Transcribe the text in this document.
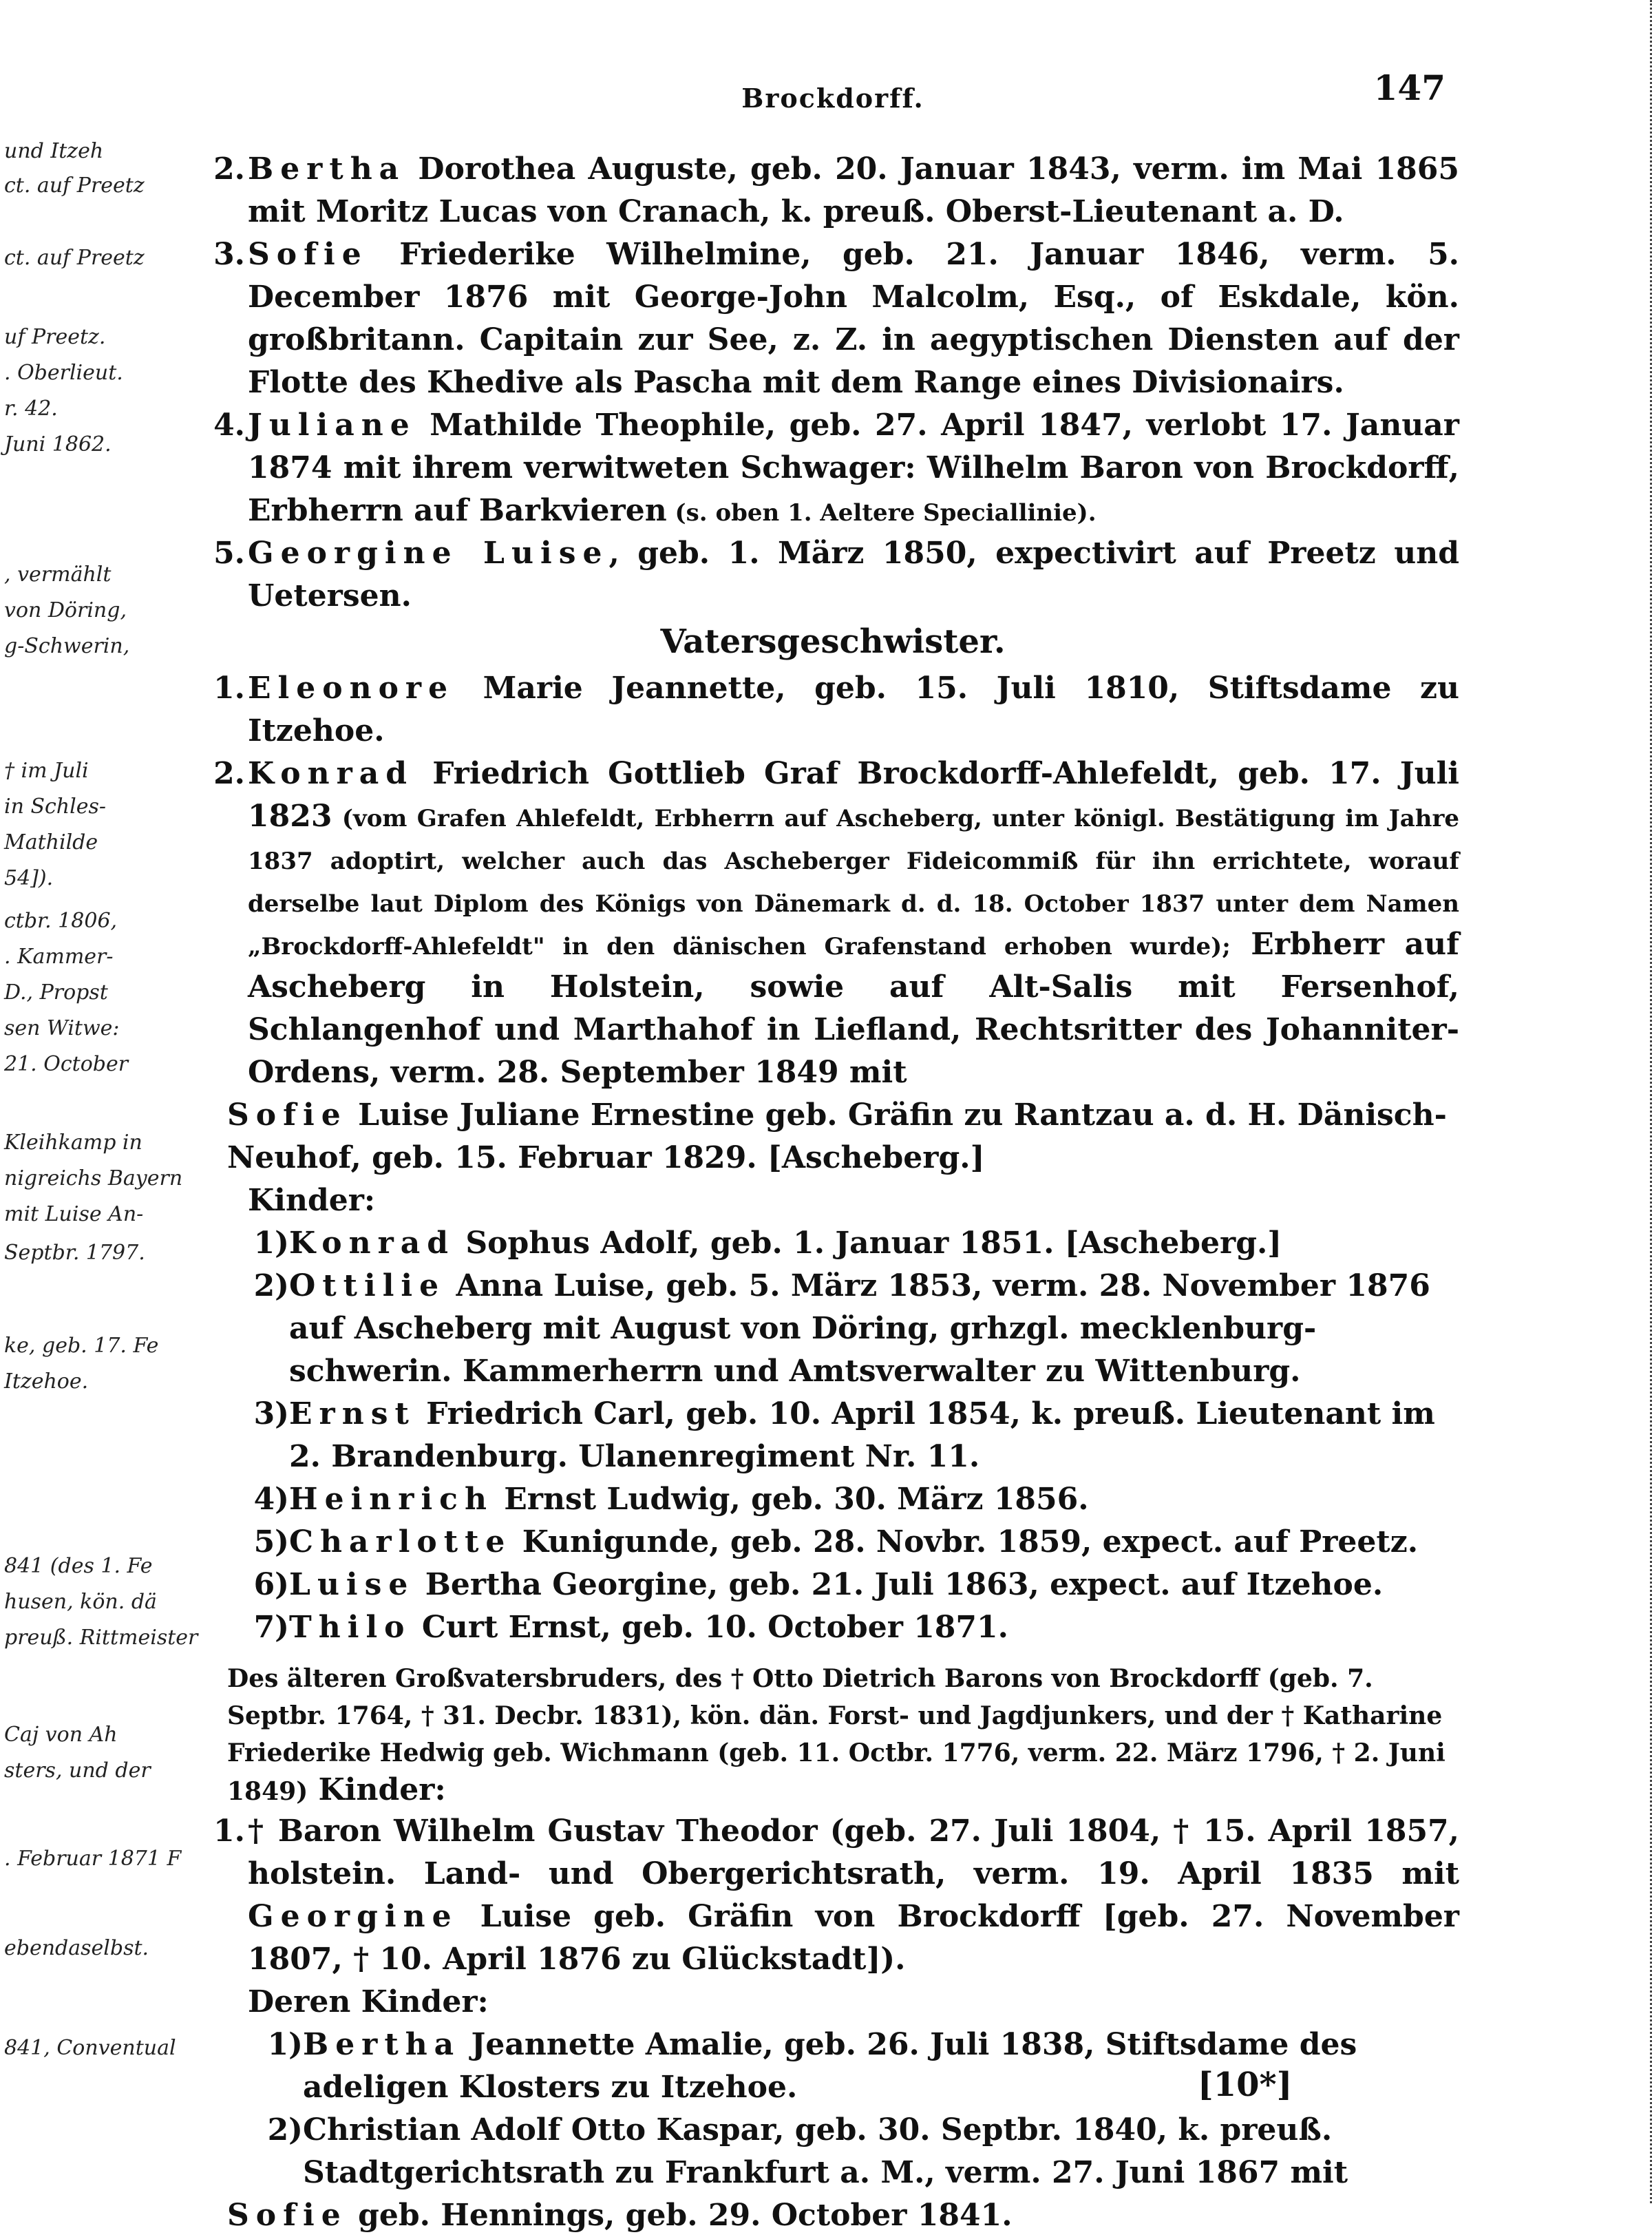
und Itzeh
ct. auf Preetz
ct. auf Preetz
uf Preetz.
. Oberlieut.
r. 42.
Juni 1862.
, vermählt
von Döring,
g-Schwerin,
† im Juli
in Schles-
Mathilde
54]).
ctbr. 1806,
. Kammer-
D., Propst
sen Witwe:
21. October
Kleihkamp in
nigreichs Bayern
mit Luise An-
Septbr. 1797.
ke, geb. 17. Fe
Itzehoe.
841 (des 1. Fe
husen, kön. dä
preuß. Rittmeister
Caj von Ah
sters, und der
. Februar 1871 F
ebendaselbst.
841, Conventual
Brockdorff.	147
2. Bertha Dorothea Auguste, geb. 20. Januar 1843, verm. im Mai 1865 mit Moritz Lucas von Cranach, k. preuß. Oberst-Lieutenant a. D.
3. Sofie Friederike Wilhelmine, geb. 21. Januar 1846, verm. 5. December 1876 mit George-John Malcolm, Esq., of Eskdale, kön. großbritann. Capitain zur See, z. Z. in aegyptischen Diensten auf der Flotte des Khedive als Pascha mit dem Range eines Divisionairs.
4. Juliane Mathilde Theophile, geb. 27. April 1847, verlobt 17. Januar 1874 mit ihrem verwitweten Schwager: Wilhelm Baron von Brockdorff, Erbherrn auf Barkvieren (s. oben 1. Aeltere Speciallinie).
5. Georgine Luise, geb. 1. März 1850, expectivirt auf Preetz und Uetersen.
Vatersgeschwister.
1. Eleonore Marie Jeannette, geb. 15. Juli 1810, Stiftsdame zu Itzehoe.
2. Konrad Friedrich Gottlieb Graf Brockdorff-Ahlefeldt, geb. 17. Juli 1823 (vom Grafen Ahlefeldt, Erbherrn auf Ascheberg, unter königl. Bestätigung im Jahre 1837 adoptirt, welcher auch das Ascheberger Fideicommiß für ihn errichtete, worauf derselbe laut Diplom des Königs von Dänemark d. d. 18. October 1837 unter dem Namen „Brockdorff-Ahlefeldt" in den dänischen Grafenstand erhoben wurde); Erbherr auf Ascheberg in Holstein, sowie auf Alt-Salis mit Fersenhof, Schlangenhof und Marthahof in Liefland, Rechtsritter des Johanniter-Ordens, verm. 28. September 1849 mit
Sofie Luise Juliane Ernestine geb. Gräfin zu Rantzau a. d. H. Dänisch-Neuhof, geb. 15. Februar 1829. [Ascheberg.]
Kinder:
1) Konrad Sophus Adolf, geb. 1. Januar 1851. [Ascheberg.]
2) Ottilie Anna Luise, geb. 5. März 1853, verm. 28. November 1876 auf Ascheberg mit August von Döring, grhzgl. mecklenburg-schwerin. Kammerherrn und Amtsverwalter zu Wittenburg.
3) Ernst Friedrich Carl, geb. 10. April 1854, k. preuß. Lieutenant im 2. Brandenburg. Ulanenregiment Nr. 11.
4) Heinrich Ernst Ludwig, geb. 30. März 1856.
5) Charlotte Kunigunde, geb. 28. Novbr. 1859, expect. auf Preetz.
6) Luise Bertha Georgine, geb. 21. Juli 1863, expect. auf Itzehoe.
7) Thilo Curt Ernst, geb. 10. October 1871.
Des älteren Großvatersbruders, des † Otto Dietrich Barons von Brockdorff (geb. 7. Septbr. 1764, † 31. Decbr. 1831), kön. dän. Forst- und Jagdjunkers, und der † Katharine Friederike Hedwig geb. Wichmann (geb. 11. Octbr. 1776, verm. 22. März 1796, † 2. Juni 1849) Kinder:
1. † Baron Wilhelm Gustav Theodor (geb. 27. Juli 1804, † 15. April 1857, holstein. Land- und Obergerichtsrath, verm. 19. April 1835 mit Georgine Luise geb. Gräfin von Brockdorff [geb. 27. November 1807, † 10. April 1876 zu Glückstadt]).
Deren Kinder:
1) Bertha Jeannette Amalie, geb. 26. Juli 1838, Stiftsdame des adeligen Klosters zu Itzehoe.
2) Christian Adolf Otto Kaspar, geb. 30. Septbr. 1840, k. preuß. Stadtgerichtsrath zu Frankfurt a. M., verm. 27. Juni 1867 mit
Sofie geb. Hennings, geb. 29. October 1841.
[10*]
